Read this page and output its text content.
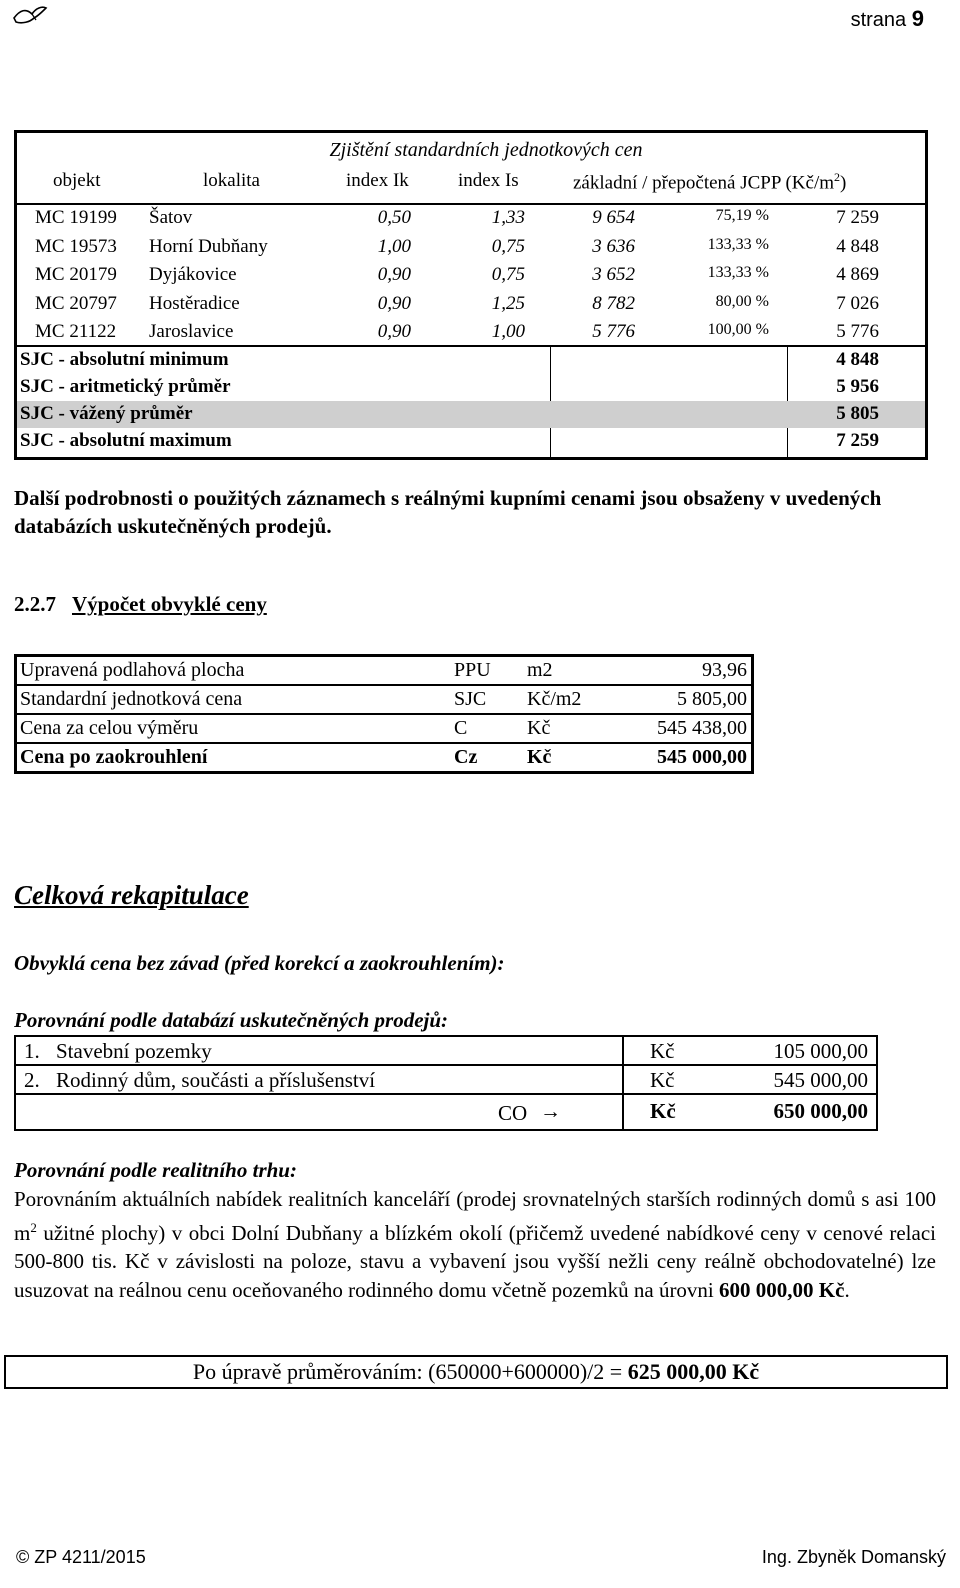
strana 9
Zjištění standardních jednotkových cen
objekt	lokalita	index Ik	index Is	základní / přepočtená JCPP $(Kč/m^2)$
MC 19199 Šatov	0,50	1,33	9 654	75,19 %	7 259
MC 19573 Horní Dubňany	1,00	0,75	3 636	133,33 %	4 848
MC 20179 Dyjákovice	0,90	0,75	3 652	133,33 %	4 869
MC 20797 Hostěradice	0,90	1,25	8 782	80,00 %	7 026
MC 21122 Jaroslavice	0,90	1,00	5 776	100,00 %	5 776
SJC - absolutní minimum	4 848
SJC - aritmetický průměr	5 956
SJC - vážený průměr	5 805
SJC - absolutní maximum	7 259
Další podrobnosti o použitých záznamech s reálnými kupními cenami jsou obsaženy v uvedených databázích uskutečněných prodejů.
2.2.7 Výpočet obvyklé ceny
Upravená podlahová plocha	PPU m2	93,96
Standardní jednotková cena	SJC Kč/m2	5 805,00
Cena za celou výměru	C	Kč	545 438,00
Cena po zaokrouhlení	Cz Kč	545 000,00
Celková rekapitulace
Obvyklá cena bez závad (před korekcí a zaokrouhlením):
Porovnání podle databází uskutečněných prodejů:
1. Stavební pozemky	Kč	105 000,00
2. Rodinný dům, součásti a příslušenství	Kč	545 000,00
CO →	Kč	650 000,00
Porovnání podle realitního trhu:
Porovnáním aktuálních nabídek realitních kanceláří (prodej srovnatelných starších rodinných domů s asi 100 $m^2$ užitné plochy) v obci Dolní Dubňany a blízkém okolí (přičemž uvedené nabídkové ceny v cenové relaci 500-800 tis. Kč v závislosti na poloze, stavu a vybavení jsou vyšší nežli ceny reálně obchodovatelné) lze usuzovat na reálnou cenu oceňovaného rodinného domu včetně pozemků na úrovni 600 000,00 Kč.
Po úpravě průměrováním: (650000+600000)/2 = 625 000,00 Kč
© ZP 4211/2015	Ing. Zbyněk Domanský
